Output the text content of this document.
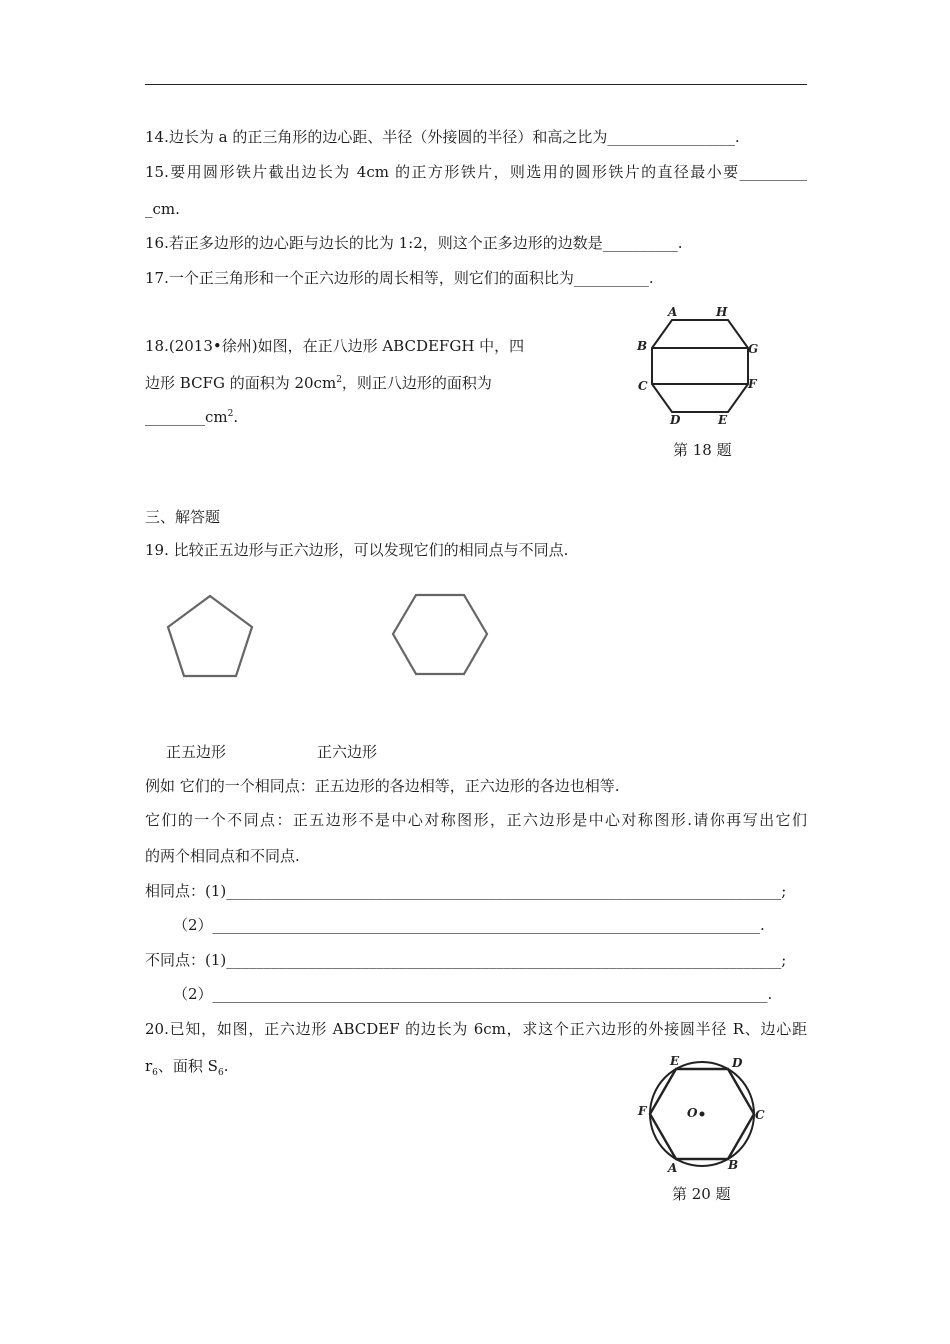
14.边长为 a 的正三角形的边心距、半径（外接圆的半径）和高之比为_________________.
15.要用圆形铁片截出边长为 4cm 的正方形铁片，则选用的圆形铁片的直径最小要_________
_cm.
16.若正多边形的边心距与边长的比为 1:2，则这个正多边形的边数是__________.
17.一个正三角形和一个正六边形的周长相等，则它们的面积比为__________.
18.(2013•徐州)如图，在正八边形 ABCDEFGH 中，四
边形 BCFG 的面积为 $20cm^2$，则正八边形的面积为
$\_\_\_\_\_\_\_\_cm^2$.
A	H
B	G
C	F
D	E
第 18 题
三、解答题
19. 比较正五边形与正六边形，可以发现它们的相同点与不同点.
正五边形	正六边形
例如 它们的一个相同点：正五边形的各边相等，正六边形的各边也相等.
它们的一个不同点：正五边形不是中心对称图形，正六边形是中心对称图形.请你再写出它们
的两个相同点和不同点.
相同点：(1)__________________________________________________________________________;
（2）_________________________________________________________________________.
不同点：(1)__________________________________________________________________________;
（2）__________________________________________________________________________.
20.已知，如图，正六边形 ABCDEF 的边长为 6cm，求这个正六边形的外接圆半径 R、边心距
$r_6$、面积 $S_6$.	E	D
F	O	C
A	B
第 20 题
